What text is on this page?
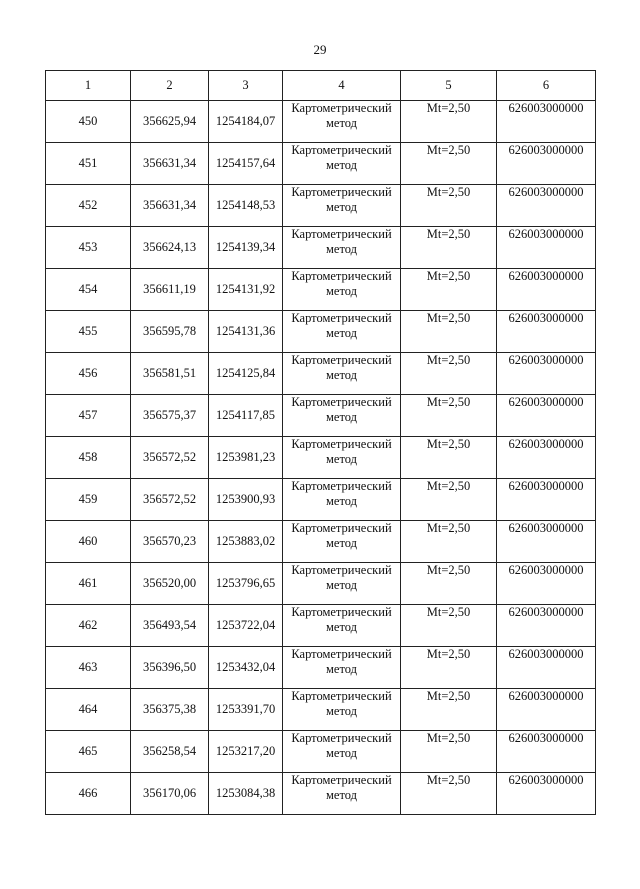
29
1	2	3	4	5	6
450	356625,94	1254184,07	Картометрический метод	Mt=2,50	626003000000
451	356631,34	1254157,64	Картометрический метод	Mt=2,50	626003000000
452	356631,34	1254148,53	Картометрический метод	Mt=2,50	626003000000
453	356624,13	1254139,34	Картометрический метод	Mt=2,50	626003000000
454	356611,19	1254131,92	Картометрический метод	Mt=2,50	626003000000
455	356595,78	1254131,36	Картометрический метод	Mt=2,50	626003000000
456	356581,51	1254125,84	Картометрический метод	Mt=2,50	626003000000
457	356575,37	1254117,85	Картометрический метод	Mt=2,50	626003000000
458	356572,52	1253981,23	Картометрический метод	Mt=2,50	626003000000
459	356572,52	1253900,93	Картометрический метод	Mt=2,50	626003000000
460	356570,23	1253883,02	Картометрический метод	Mt=2,50	626003000000
461	356520,00	1253796,65	Картометрический метод	Mt=2,50	626003000000
462	356493,54	1253722,04	Картометрический метод	Mt=2,50	626003000000
463	356396,50	1253432,04	Картометрический метод	Mt=2,50	626003000000
464	356375,38	1253391,70	Картометрический метод	Mt=2,50	626003000000
465	356258,54	1253217,20	Картометрический метод	Mt=2,50	626003000000
466	356170,06	1253084,38	Картометрический метод	Mt=2,50	626003000000
